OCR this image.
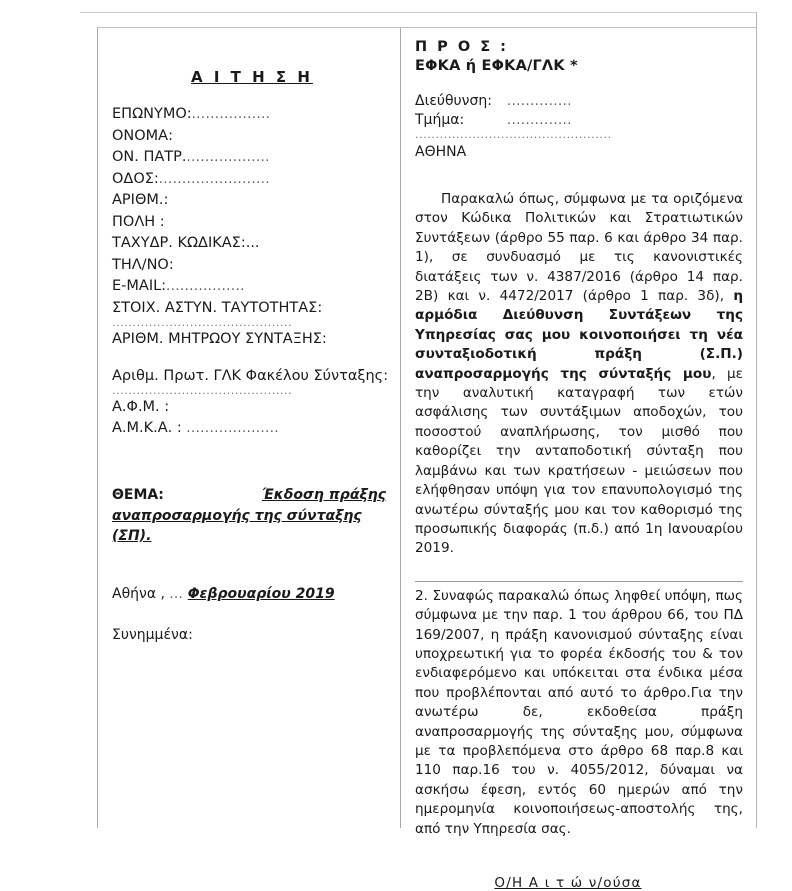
Α Ι Τ Η Σ Η
ΕΠΩΝΥΜΟ:.................
ΟΝΟΜΑ:
ΟΝ. ΠΑΤΡ...................
ΟΔΟΣ:........................
ΑΡΙΘΜ.:
ΠΟΛΗ :
ΤΑΧΥΔΡ. ΚΩΔΙΚΑΣ:...
ΤΗΛ/ΝΟ:
E-MAIL:.................
ΣΤΟΙΧ. ΑΣΤΥΝ. ΤΑΥΤΟΤΗΤΑΣ:
............................................
ΑΡΙΘΜ. ΜΗΤΡΩΟΥ ΣΥΝΤΑΞΗΣ:
Αριθμ. Πρωτ. ΓΛΚ Φακέλου Σύνταξης:
............................................
Α.Φ.Μ. :
Α.Μ.Κ.Α. : ....................
ΘΕΜΑ:	Έκδοση πράξης
αναπροσαρμογής της σύνταξης (ΣΠ).
Αθήνα , ... Φεβρουαρίου 2019
Συνημμένα:
Π Ρ Ο Σ :
ΕΦΚΑ ή ΕΦΚΑ/ΓΛΚ *
Διεύθυνση: ..............
Τμήμα:	..............
................................................
ΑΘΗΝΑ

Παρακαλώ όπως, σύμφωνα με τα οριζόμενα στον Κώδικα Πολιτικών και Στρατιωτικών Συντάξεων (άρθρο 55 παρ. 6 και άρθρο 34 παρ. 1), σε συνδυασμό με τις κανονιστικές διατάξεις των ν. 4387/2016 (άρθρο 14 παρ. 2Β) και ν. 4472/2017 (άρθρο 1 παρ. 3δ), η αρμόδια Διεύθυνση Συντάξεων της Υπηρεσίας σας μου κοινοποιήσει τη νέα συνταξιοδοτική πράξη (Σ.Π.) αναπροσαρμογής της σύνταξής μου, με την αναλυτική καταγραφή των ετών ασφάλισης των συντάξιμων αποδοχών, του ποσοστού αναπλήρωσης, τον μισθό που καθορίζει την ανταποδοτική σύνταξη που λαμβάνω και των κρατήσεων - μειώσεων που ελήφθησαν υπόψη για τον επανυπολογισμό της ανωτέρω σύνταξής μου και τον καθορισμό της προσωπικής διαφοράς (π.δ.) από 1η Ιανουαρίου 2019.

2. Συναφώς παρακαλώ όπως ληφθεί υπόψη, πως σύμφωνα με την παρ. 1 του άρθρου 66, του ΠΔ 169/2007, η πράξη κανονισμού σύνταξης είναι υποχρεωτική για το φορέα έκδοσής του & τον ενδιαφερόμενο και υπόκειται στα ένδικα μέσα που προβλέπονται από αυτό το άρθρο.Για την ανωτέρω δε, εκδοθείσα πράξη αναπροσαρμογής της σύνταξης μου, σύμφωνα με τα προβλεπόμενα στο άρθρο 68 παρ.8 και 110 παρ.16 του ν. 4055/2012, δύναμαι να ασκήσω έφεση, εντός 60 ημερών από την ημερομηνία κοινοποιήσεως-αποστολής της, από την Υπηρεσία σας.

Ο/Η Α ι τ ώ ν/ούσα
